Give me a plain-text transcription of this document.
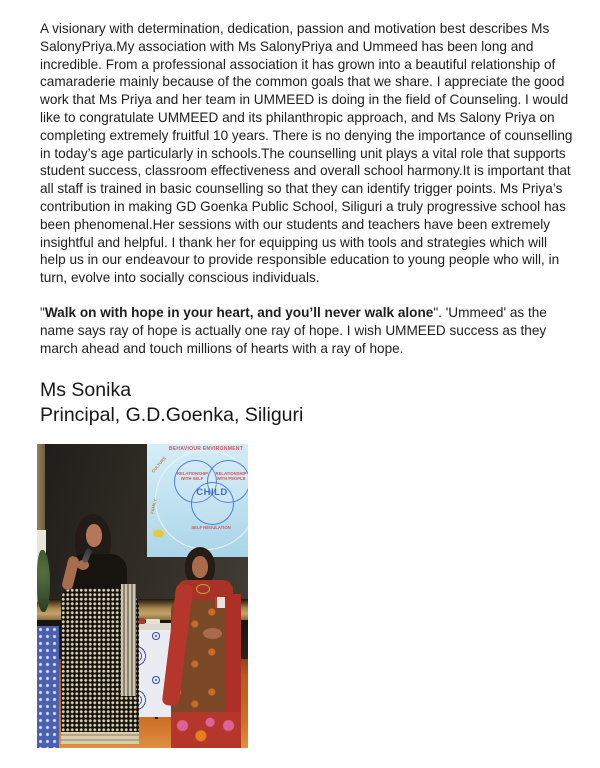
A visionary with determination, dedication, passion and motivation best describes Ms SalonyPriya.My association with Ms SalonyPriya and Ummeed has been long and incredible. From a professional association it has grown into a beautiful relationship of camaraderie mainly because of the common goals that we share. I appreciate the good work that Ms Priya and her team in UMMEED is doing in the field of Counseling. I would like to congratulate UMMEED and its philanthropic approach, and Ms Salony Priya on completing extremely fruitful 10 years. There is no denying the importance of counselling in today’s age particularly in schools.The counselling unit plays a vital role that supports student success, classroom effectiveness and overall school harmony.It is important that all staff is trained in basic counselling so that they can identify trigger points. Ms Priya’s contribution in making GD Goenka Public School, Siliguri a truly progressive school has been phenomenal.Her sessions with our students and teachers have been extremely insightful and helpful. I thank her for equipping us with tools and strategies which will help us in our endeavour to provide responsible education to young people who will, in turn, evolve into socially conscious individuals.

"Walk on with hope in your heart, and you’ll never walk alone". 'Ummeed' as the name says ray of hope is actually one ray of hope. I wish UMMEED success as they march ahead and touch millions of hearts with a ray of hope.

Ms Sonika
Principal, G.D.Goenka, Siliguri
BEHAVIOUR ENVIRONMENT
RELATIONSHIP WITH SELF
RELATIONSHIP WITH PEOPLE
SELF REGULATION
CHILD
CULTURE
FAMILY
